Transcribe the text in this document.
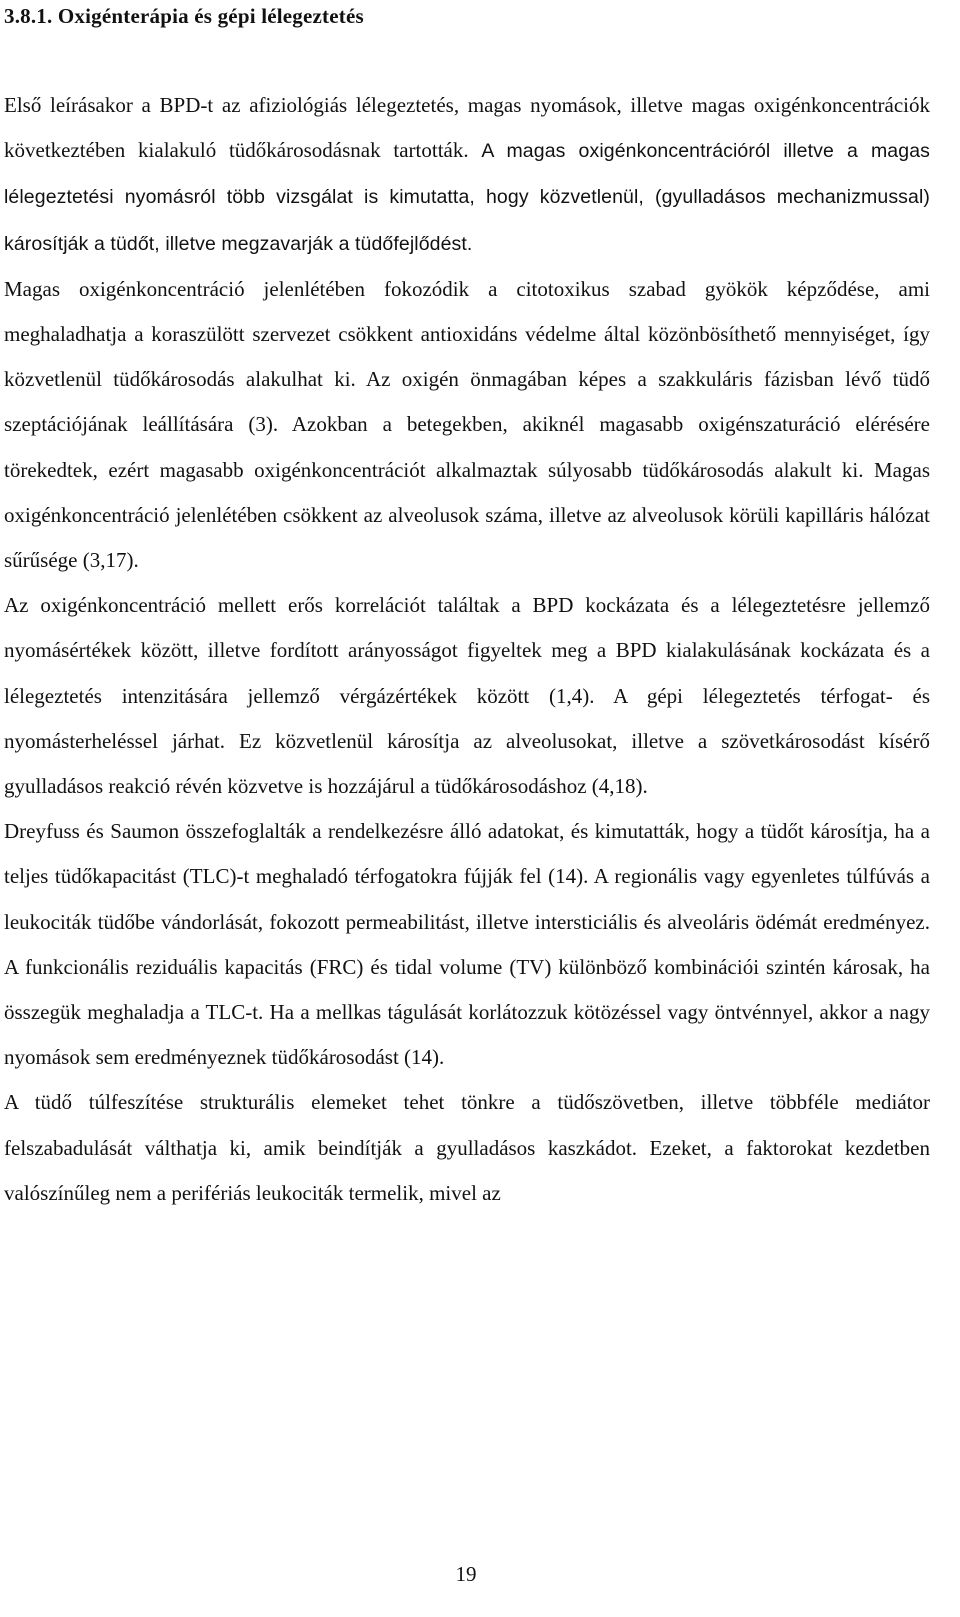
3.8.1. Oxigénterápia és gépi lélegeztetés

Első leírásakor a BPD-t az afiziológiás lélegeztetés, magas nyomások, illetve magas oxigénkoncentrációk következtében kialakuló tüdőkárosodásnak tartották. A magas oxigénkoncentrációról illetve a magas lélegeztetési nyomásról több vizsgálat is kimutatta, hogy közvetlenül, (gyulladásos mechanizmussal) károsítják a tüdőt, illetve megzavarják a tüdőfejlődést.

Magas oxigénkoncentráció jelenlétében fokozódik a citotoxikus szabad gyökök képződése, ami meghaladhatja a koraszülött szervezet csökkent antioxidáns védelme által közönbösíthető mennyiséget, így közvetlenül tüdőkárosodás alakulhat ki. Az oxigén önmagában képes a szakkuláris fázisban lévő tüdő szeptációjának leállítására (3). Azokban a betegekben, akiknél magasabb oxigénszaturáció elérésére törekedtek, ezért magasabb oxigénkoncentrációt alkalmaztak súlyosabb tüdőkárosodás alakult ki. Magas oxigénkoncentráció jelenlétében csökkent az alveolusok száma, illetve az alveolusok körüli kapilláris hálózat sűrűsége (3,17).

Az oxigénkoncentráció mellett erős korrelációt találtak a BPD kockázata és a lélegeztetésre jellemző nyomásértékek között, illetve fordított arányosságot figyeltek meg a BPD kialakulásának kockázata és a lélegeztetés intenzitására jellemző vérgázértékek között (1,4). A gépi lélegeztetés térfogat- és nyomásterheléssel járhat. Ez közvetlenül károsítja az alveolusokat, illetve a szövetkárosodást kísérő gyulladásos reakció révén közvetve is hozzájárul a tüdőkárosodáshoz (4,18).

Dreyfuss és Saumon összefoglalták a rendelkezésre álló adatokat, és kimutatták, hogy a tüdőt károsítja, ha a teljes tüdőkapacitást (TLC)-t meghaladó térfogatokra fújják fel (14). A regionális vagy egyenletes túlfúvás a leukociták tüdőbe vándorlását, fokozott permeabilitást, illetve intersticiális és alveoláris ödémát eredményez. A funkcionális reziduális kapacitás (FRC) és tidal volume (TV) különböző kombinációi szintén károsak, ha összegük meghaladja a TLC-t. Ha a mellkas tágulását korlátozzuk kötözéssel vagy öntvénnyel, akkor a nagy nyomások sem eredményeznek tüdőkárosodást (14).

A tüdő túlfeszítése strukturális elemeket tehet tönkre a tüdőszövetben, illetve többféle mediátor felszabadulását válthatja ki, amik beindítják a gyulladásos kaszkádot. Ezeket, a faktorokat kezdetben valószínűleg nem a perifériás leukociták termelik, mivel az

19
